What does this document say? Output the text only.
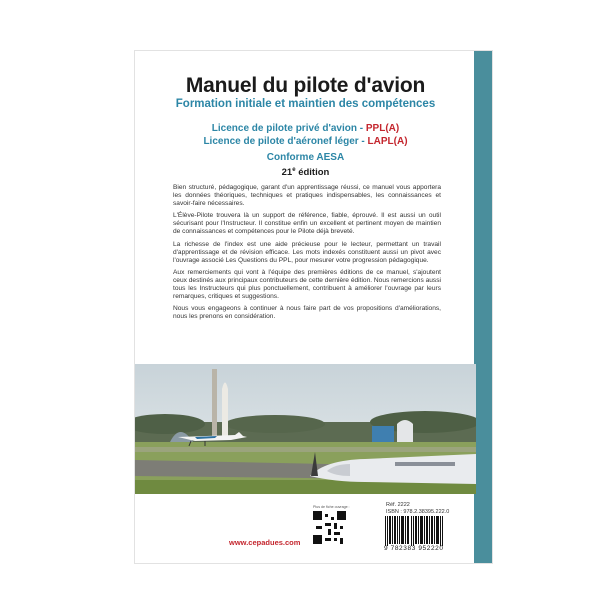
Manuel du pilote d'avion
Formation initiale et maintien des compétences
Licence de pilote privé d'avion - PPL(A)
Licence de pilote d'aéronef léger - LAPL(A)
Conforme AESA
21e édition

Bien structuré, pédagogique, garant d'un apprentissage réussi, ce manuel vous apportera les données théoriques, techniques et pratiques indispensables, les connaissances et savoir-faire nécessaires.

L'Élève-Pilote trouvera là un support de référence, fiable, éprouvé. Il est aussi un outil sécurisant pour l'Instructeur. Il constitue enfin un excellent et pertinent moyen de maintien de connaissances et compétences pour le Pilote déjà breveté.

La richesse de l'index est une aide précieuse pour le lecteur, permettant un travail d'apprentissage et de révision efficace. Les mots indexés constituent aussi un pivot avec l'ouvrage associé Les Questions du PPL, pour mesurer votre progression pédagogique.

Aux remerciements qui vont à l'équipe des premières éditions de ce manuel, s'ajoutent ceux destinés aux principaux contributeurs de cette dernière édition. Nous remercions aussi tous les Instructeurs qui plus ponctuellement, contribuent à améliorer l'ouvrage par leurs remarques, critiques et suggestions.

Nous vous engageons à continuer à nous faire part de vos propositions d'améliorations, nous les prenons en considération.

Plus de fiche ouvrage :	Réf. 2222
ISBN : 978.2.38395.222.0
9 782383 952220
www.cepadues.com
